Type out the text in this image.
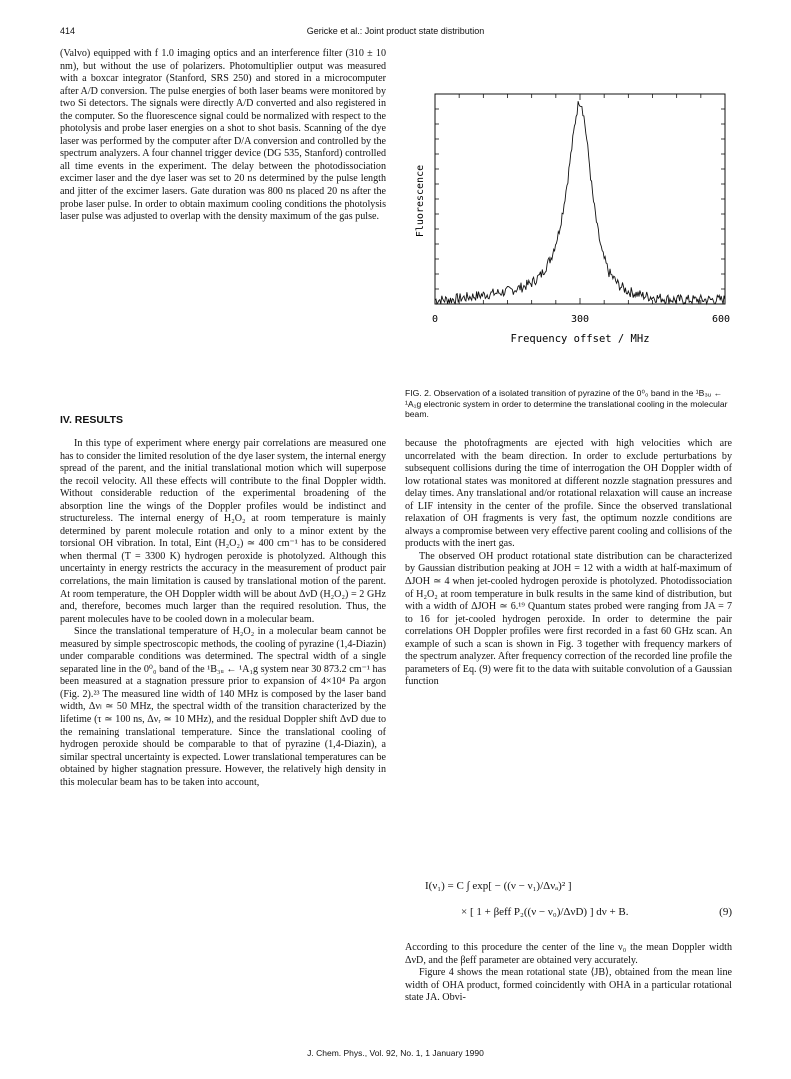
414	Gericke et al.: Joint product state distribution

(Valvo) equipped with f 1.0 imaging optics and an interference filter (310 ± 10 nm), but without the use of polarizers. Photomultiplier output was measured with a boxcar integrator (Stanford, SRS 250) and stored in a microcomputer after A/D conversion. The pulse energies of both laser beams were monitored by two Si detectors. The signals were directly A/D converted and also registered in the computer. So the fluorescence signal could be normalized with respect to the photolysis and probe laser energies on a shot to shot basis. Scanning of the dye laser was performed by the computer after D/A conversion and controlled by the spectrum analyzers. A four channel trigger device (DG 535, Stanford) controlled all time events in the experiment. The delay between the photodissociation excimer laser and the dye laser was set to 20 ns determined by the pulse length and jitter of the excimer lasers. Gate duration was 800 ns placed 20 ns after the probe laser pulse. In order to obtain maximum cooling conditions the photolysis laser pulse was adjusted to overlap with the density maximum of the gas pulse.

IV. RESULTS

In this type of experiment where energy pair correlations are measured one has to consider the limited resolution of the dye laser system, the internal energy spread of the parent, and the initial translational motion which will superpose the recoil velocity. All these effects will contribute to the final Doppler width. Without considerable reduction of the experimental broadening of the absorption line the wings of the Doppler profiles would be indistinct and structureless. The internal energy of H₂O₂ at room temperature is mainly determined by parent molecule rotation and only to a minor extent by the torsional OH vibration. In total, Eint (H₂O₂) ≃ 400 cm⁻¹ has to be considered when thermal (T = 3300 K) hydrogen peroxide is photolyzed. Although this uncertainty in energy restricts the accuracy in the measurement of product pair correlations, the main limitation is caused by translational motion of the parent. At room temperature, the OH Doppler width will be about ΔνD (H₂O₂) = 2 GHz and, therefore, becomes much larger than the required resolution. Thus, the parent molecules have to be cooled down in a molecular beam.

Since the translational temperature of H₂O₂ in a molecular beam cannot be measured by simple spectroscopic methods, the cooling of pyrazine (1,4-Diazin) under comparable conditions was determined. The spectral width of a single separated line in the 0⁰₀ band of the ¹B₃ᵤ ← ¹A₁g system near 30 873.2 cm⁻¹ has been measured at a stagnation pressure prior to expansion of 4×10⁴ Pa argon (Fig. 2).²³ The measured line width of 140 MHz is composed by the laser band width, Δνₗ ≃ 50 MHz, the spectral width of the transition characterized by the lifetime (τ ≃ 100 ns, Δνᵣ ≃ 10 MHz), and the residual Doppler shift ΔνD due to the remaining translational temperature. Since the translational cooling of hydrogen peroxide should be comparable to that of pyrazine (1,4-Diazin), a similar spectral uncertainty is expected. Lower translational temperatures can be obtained by higher stagnation pressure. However, the relatively high density in this molecular beam has to be taken into account,

0	300	600
Frequency offset / MHz
Fluorescence
FIG. 2. Observation of a isolated transition of pyrazine of the 0⁰₀ band in the ¹B₃ᵤ ← ¹A₁g electronic system in order to determine the translational cooling in the molecular beam.

because the photofragments are ejected with high velocities which are uncorrelated with the beam direction. In order to exclude perturbations by subsequent collisions during the time of interrogation the OH Doppler width of low rotational states was monitored at different nozzle stagnation pressures and delay times. Any translational and/or rotational relaxation will cause an increase of LIF intensity in the center of the profile. Since the observed translational relaxation of OH fragments is very fast, the optimum nozzle conditions are always a compromise between very effective parent cooling and collisions of the products with the inert gas.

The observed OH product rotational state distribution can be characterized by Gaussian distribution peaking at JOH = 12 with a width at half-maximum of ΔJOH ≃ 4 when jet-cooled hydrogen peroxide is photolyzed. Photodissociation of H₂O₂ at room temperature in bulk results in the same kind of distribution, but with a width of ΔJOH ≃ 6.¹⁹ Quantum states probed were ranging from JA = 7 to 16 for jet-cooled hydrogen peroxide. In order to determine the pair correlations OH Doppler profiles were first recorded in a fast 60 GHz scan. An example of such a scan is shown in Fig. 3 together with frequency markers of the spectrum analyzer. After frequency correction of the recorded line profile the parameters of Eq. (9) were fit to the data with suitable convolution of a Gaussian function

I(ν₁) = C ∫ exp[ − ((ν − ν₁)/Δνₐ)² ]
× [ 1 + βeff P₂((ν − ν₀)/ΔνD) ] dν + B.	(9)

According to this procedure the center of the line ν₀ the mean Doppler width ΔνD, and the βeff parameter are obtained very accurately.

Figure 4 shows the mean rotational state ⟨JB⟩, obtained from the mean line width of OHA product, formed coincidently with OHA in a particular rotational state JA. Obvi-

J. Chem. Phys., Vol. 92, No. 1, 1 January 1990
